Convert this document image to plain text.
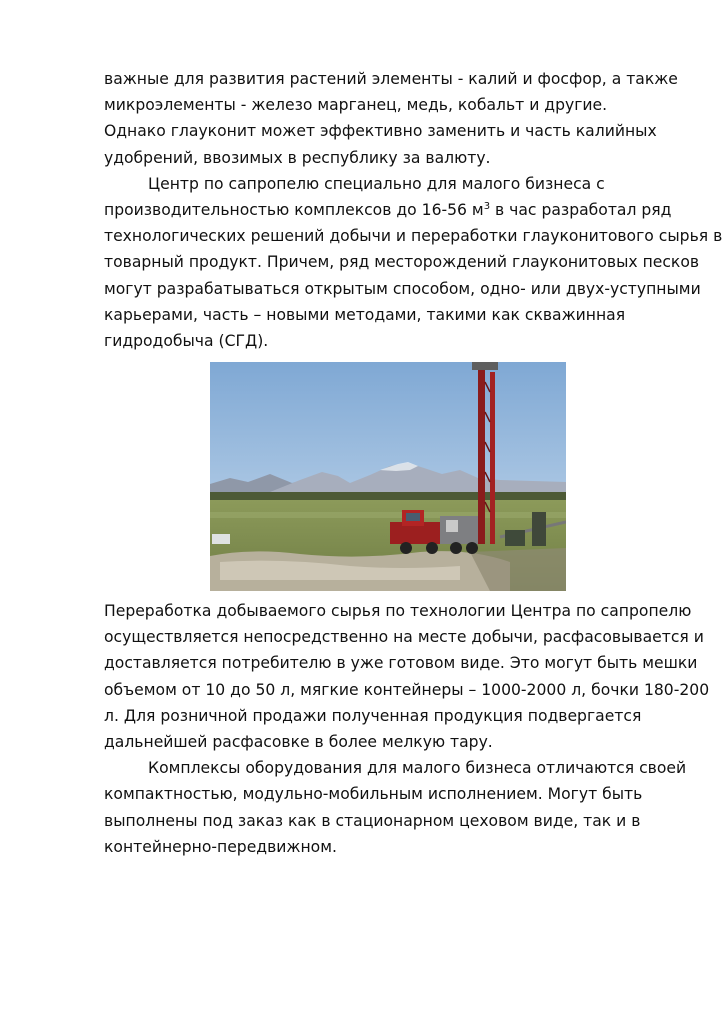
важные для развития растений элементы - калий и фосфор, а также
микроэлементы - железо марганец, медь, кобальт и другие.

Однако глауконит может эффективно заменить и часть калийных
удобрений, ввозимых в республику за валюту.

Центр по сапропелю специально для малого бизнеса с
производительностью комплексов до 16-56 $м^3$ в час разработал ряд
технологических решений добычи и переработки глауконитового сырья в
товарный продукт. Причем, ряд месторождений глауконитовых песков
могут разрабатываться открытым способом, одно- или двух-уступными
карьерами, часть – новыми методами, такими как скважинная
гидродобыча (СГД).

Переработка добываемого сырья по технологии Центра по сапропелю
осуществляется непосредственно на месте добычи, расфасовывается и
доставляется потребителю в уже готовом виде. Это могут быть мешки
объемом от 10 до 50 л, мягкие контейнеры – 1000-2000 л, бочки 180-200
л. Для розничной продажи полученная продукция подвергается
дальнейшей расфасовке в более мелкую тару.

Комплексы оборудования для малого бизнеса отличаются своей
компактностью, модульно-мобильным исполнением. Могут быть
выполнены под заказ как в стационарном цеховом виде, так и в
контейнерно-передвижном.
